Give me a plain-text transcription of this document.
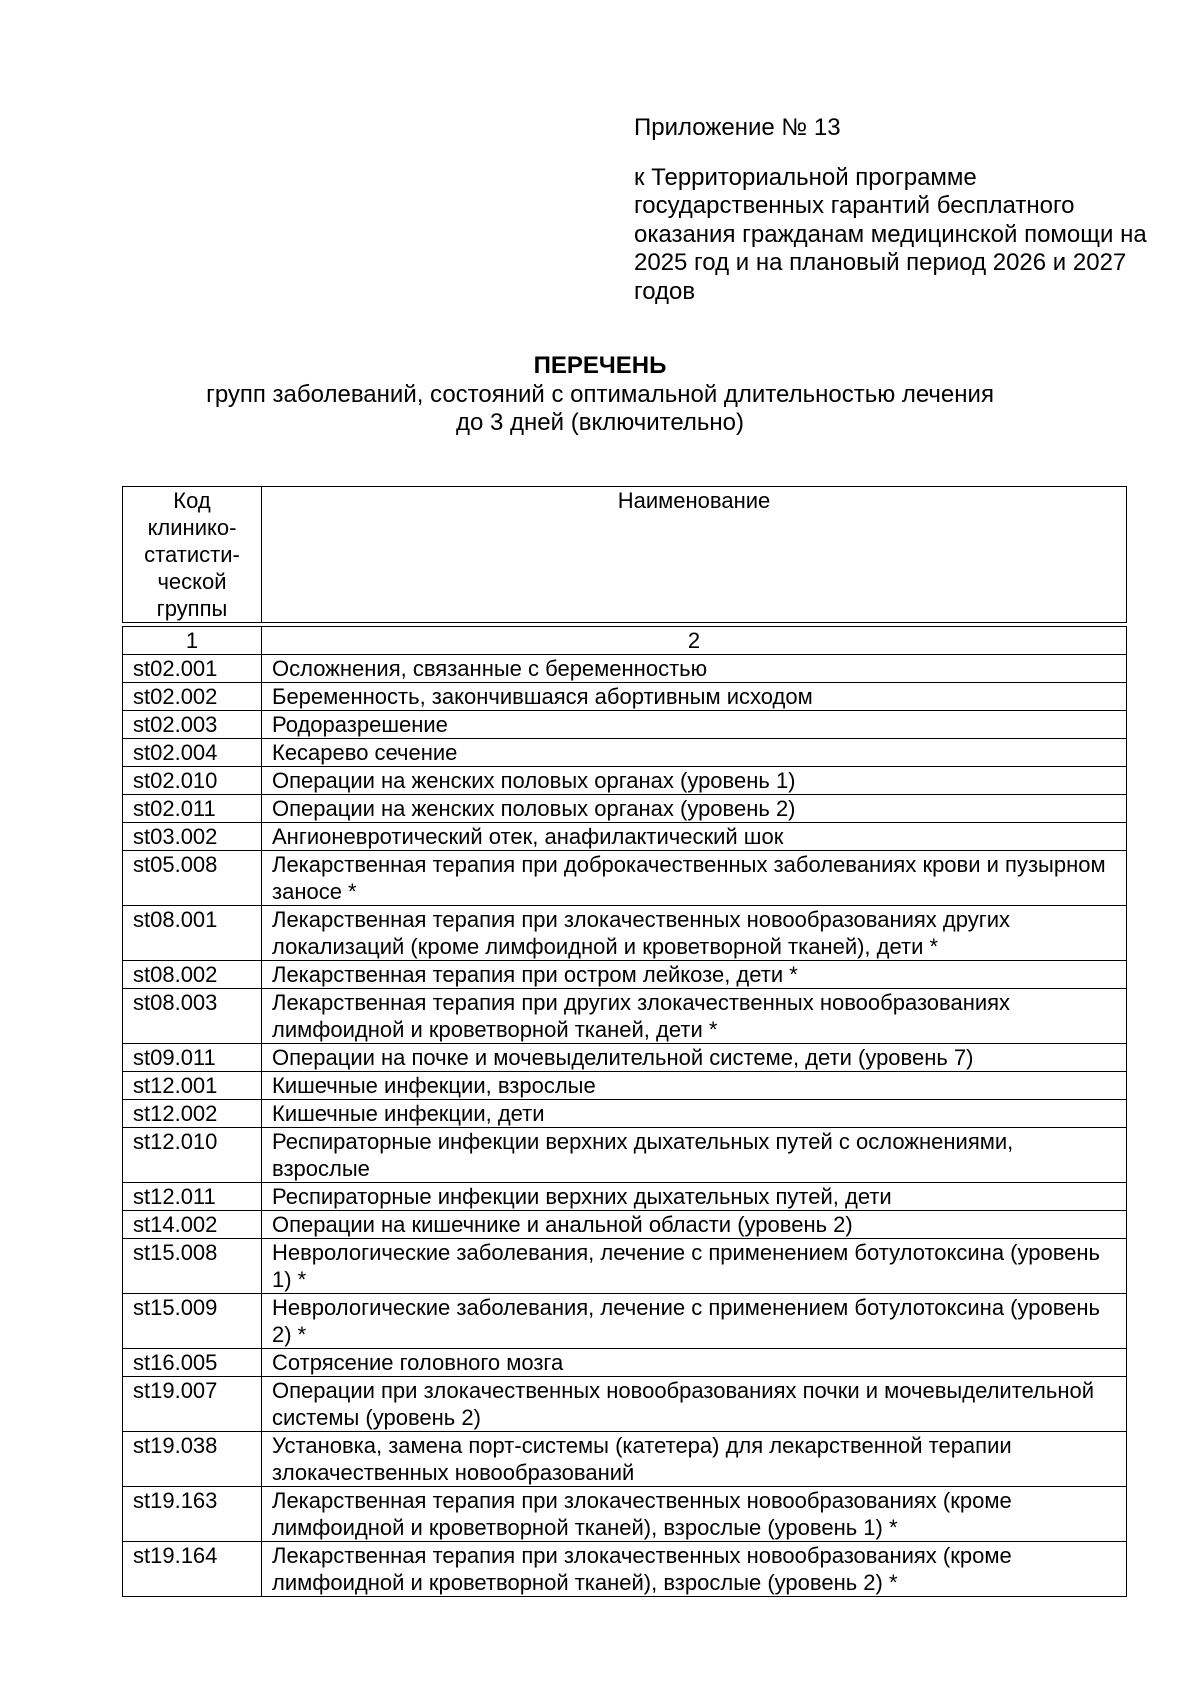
Приложение № 13

к Территориальной программе государственных гарантий бесплатного оказания гражданам медицинской помощи на 2025 год и на плановый период 2026 и 2027 годов

ПЕРЕЧЕНЬ

групп заболеваний, состояний с оптимальной длительностью лечения

до 3 дней (включительно)

Код клинико-статисти-ческой группы	Наименование

1	2
st02.001	Осложнения, связанные с беременностью
st02.002	Беременность, закончившаяся абортивным исходом
st02.003	Родоразрешение
st02.004	Кесарево сечение
st02.010	Операции на женских половых органах (уровень 1)
st02.011	Операции на женских половых органах (уровень 2)
st03.002	Ангионевротический отек, анафилактический шок
st05.008	Лекарственная терапия при доброкачественных заболеваниях крови и пузырном заносе *
st08.001	Лекарственная терапия при злокачественных новообразованиях других локализаций (кроме лимфоидной и кроветворной тканей), дети *
st08.002	Лекарственная терапия при остром лейкозе, дети *
st08.003	Лекарственная терапия при других злокачественных новообразованиях лимфоидной и кроветворной тканей, дети *
st09.011	Операции на почке и мочевыделительной системе, дети (уровень 7)
st12.001	Кишечные инфекции, взрослые
st12.002	Кишечные инфекции, дети
st12.010	Респираторные инфекции верхних дыхательных путей с осложнениями, взрослые
st12.011	Респираторные инфекции верхних дыхательных путей, дети
st14.002	Операции на кишечнике и анальной области (уровень 2)
st15.008	Неврологические заболевания, лечение с применением ботулотоксина (уровень 1) *
st15.009	Неврологические заболевания, лечение с применением ботулотоксина (уровень 2) *
st16.005	Сотрясение головного мозга
st19.007	Операции при злокачественных новообразованиях почки и мочевыделительной системы (уровень 2)
st19.038	Установка, замена порт-системы (катетера) для лекарственной терапии злокачественных новообразований
st19.163	Лекарственная терапия при злокачественных новообразованиях (кроме лимфоидной и кроветворной тканей), взрослые (уровень 1) *
st19.164	Лекарственная терапия при злокачественных новообразованиях (кроме лимфоидной и кроветворной тканей), взрослые (уровень 2) *
